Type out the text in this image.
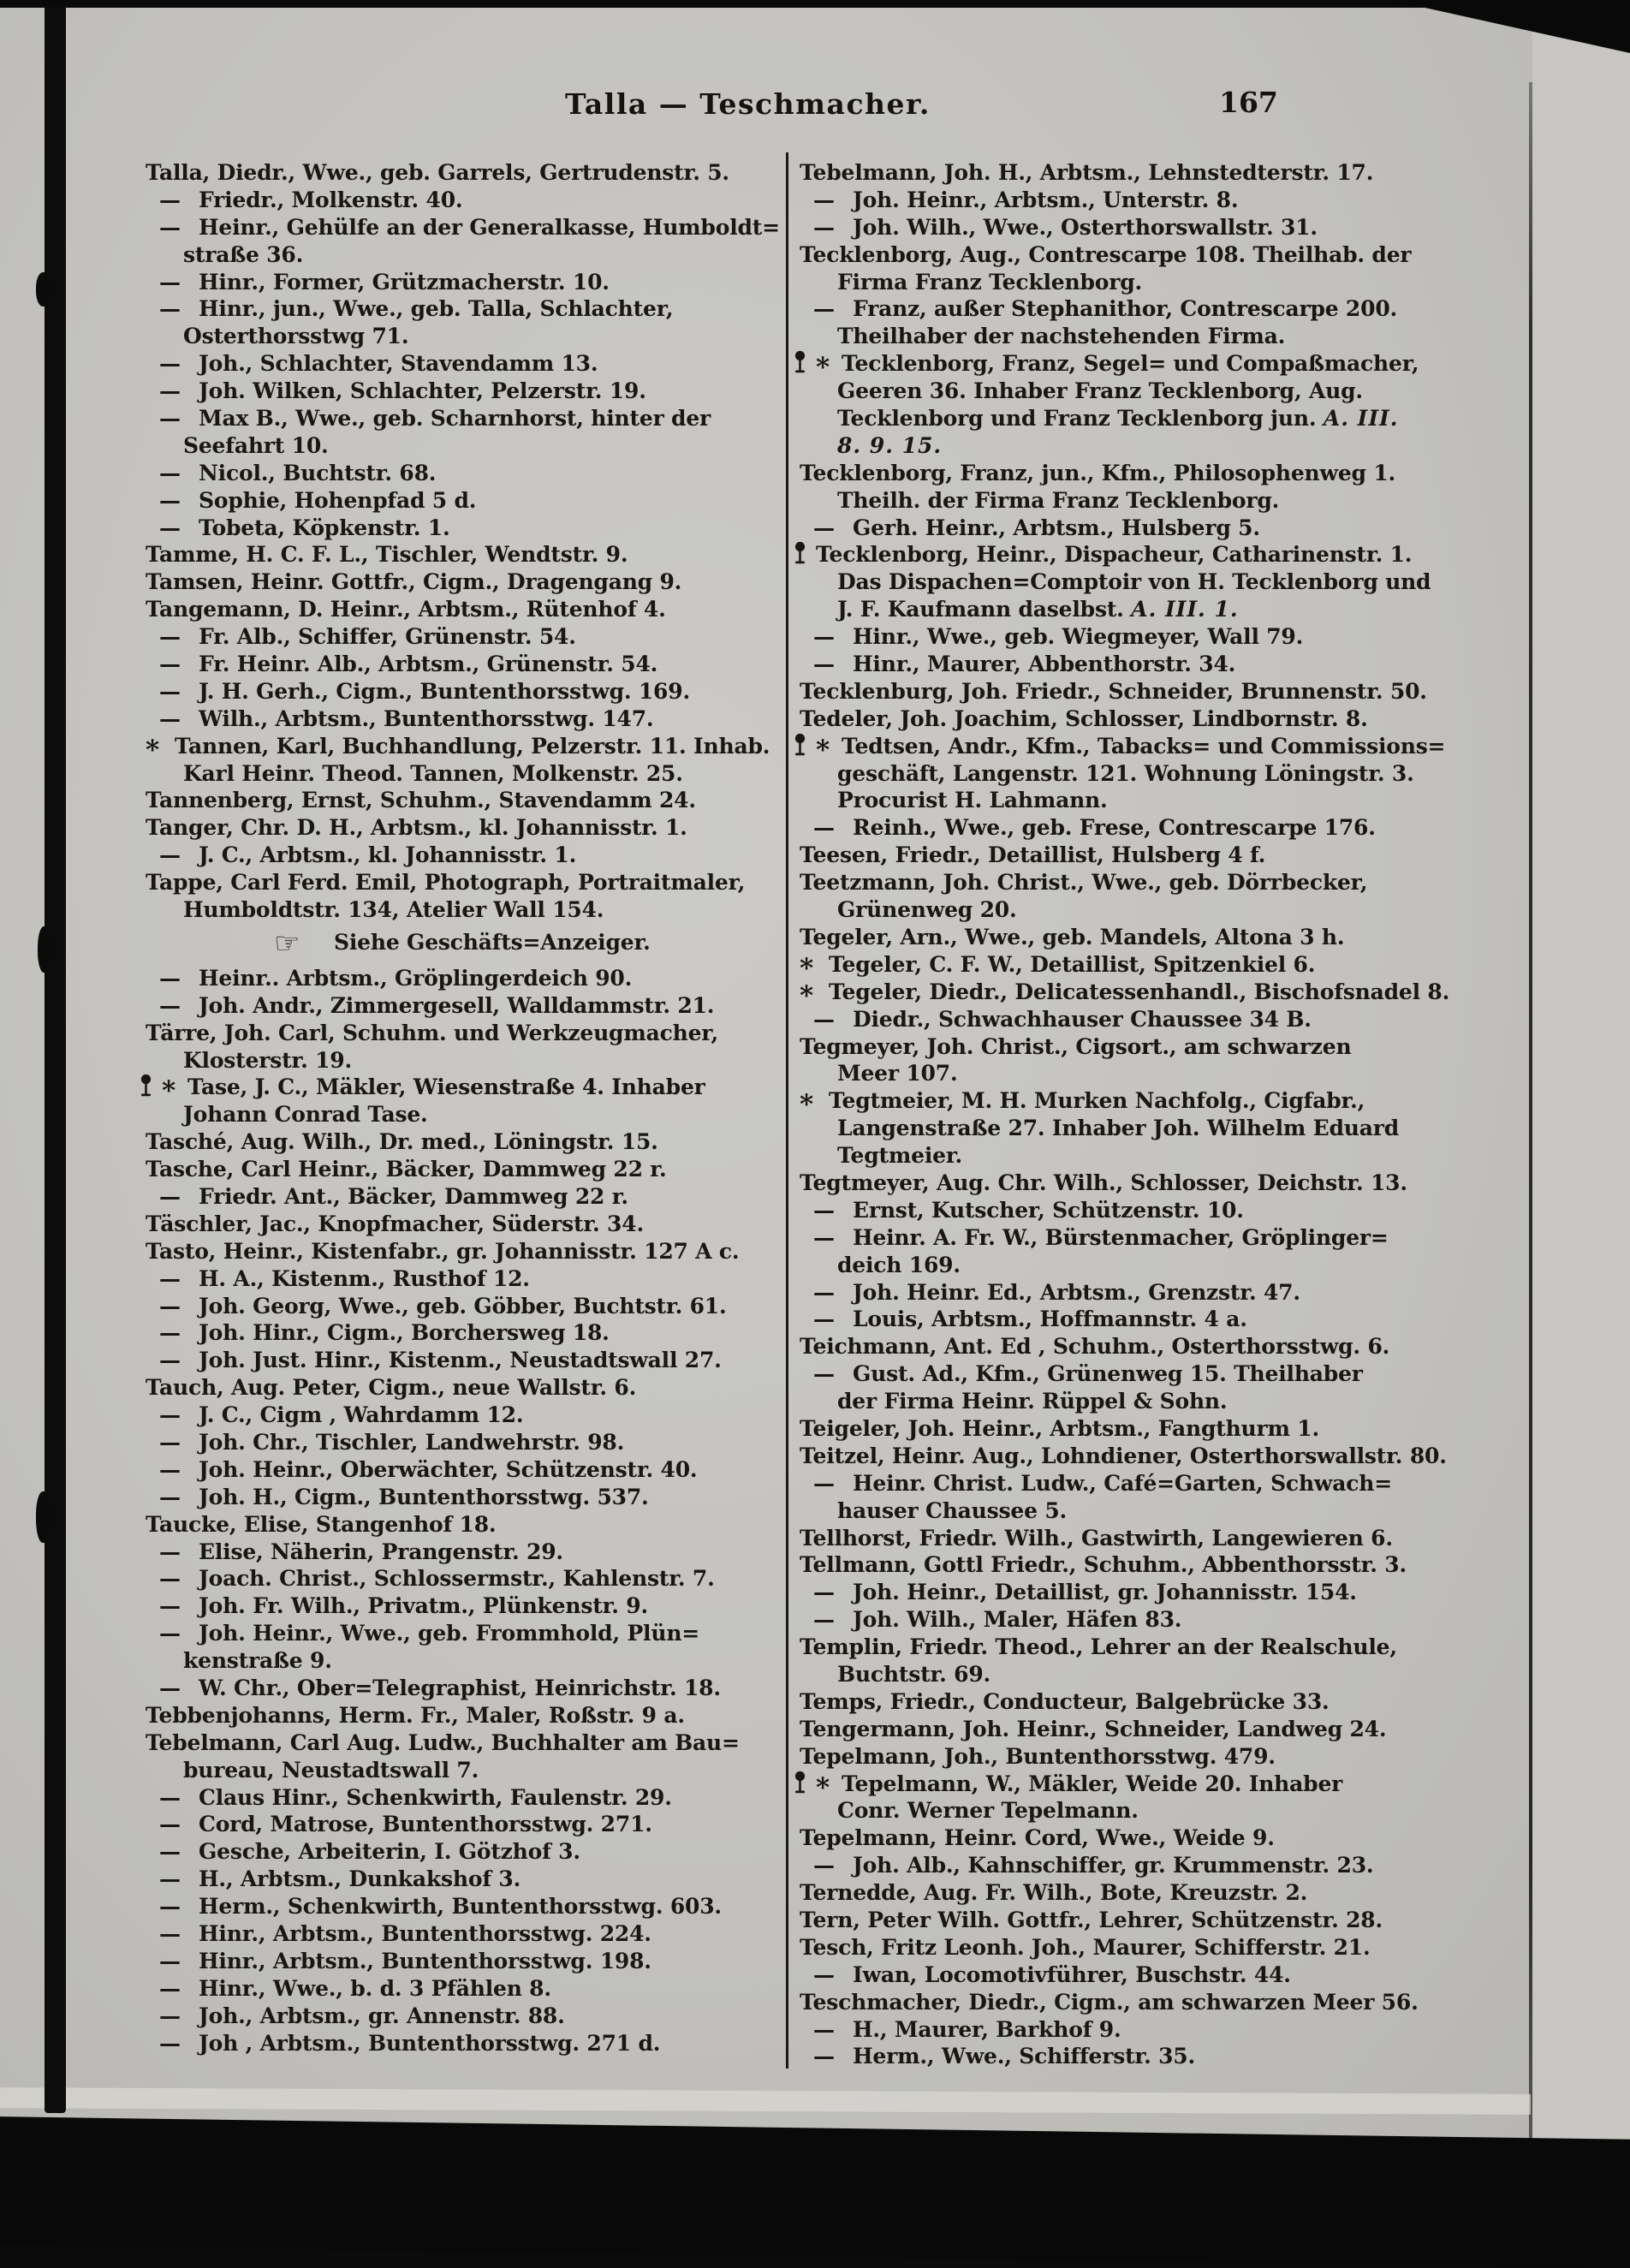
Talla — Teschmacher.	167
Talla, Diedr., Wwe., geb. Garrels, Gertrudenstr. 5.
— Friedr., Molkenstr. 40.
— Heinr., Gehülfe an der Generalkasse, Humboldt=
straße 36.
— Hinr., Former, Grützmacherstr. 10.
— Hinr., jun., Wwe., geb. Talla, Schlachter,
Osterthorsstwg 71.
— Joh., Schlachter, Stavendamm 13.
— Joh. Wilken, Schlachter, Pelzerstr. 19.
— Max B., Wwe., geb. Scharnhorst, hinter der
Seefahrt 10.
— Nicol., Buchtstr. 68.
— Sophie, Hohenpfad 5 d.
— Tobeta, Köpkenstr. 1.
Tamme, H. C. F. L., Tischler, Wendtstr. 9.
Tamsen, Heinr. Gottfr., Cigm., Dragengang 9.
Tangemann, D. Heinr., Arbtsm., Rütenhof 4.
— Fr. Alb., Schiffer, Grünenstr. 54.
— Fr. Heinr. Alb., Arbtsm., Grünenstr. 54.
— J. H. Gerh., Cigm., Buntenthorsstwg. 169.
— Wilh., Arbtsm., Buntenthorsstwg. 147.
* Tannen, Karl, Buchhandlung, Pelzerstr. 11. Inhab.
Karl Heinr. Theod. Tannen, Molkenstr. 25.
Tannenberg, Ernst, Schuhm., Stavendamm 24.
Tanger, Chr. D. H., Arbtsm., kl. Johannisstr. 1.
— J. C., Arbtsm., kl. Johannisstr. 1.
Tappe, Carl Ferd. Emil, Photograph, Portraitmaler,
Humboldtstr. 134, Atelier Wall 154.
☞ Siehe Geschäfts=Anzeiger.
— Heinr.. Arbtsm., Gröplingerdeich 90.
— Joh. Andr., Zimmergesell, Walldammstr. 21.
Tärre, Joh. Carl, Schuhm. und Werkzeugmacher,
Klosterstr. 19.
* Tase, J. C., Mäkler, Wiesenstraße 4. Inhaber
Johann Conrad Tase.
Tasché, Aug. Wilh., Dr. med., Löningstr. 15.
Tasche, Carl Heinr., Bäcker, Dammweg 22 r.
— Friedr. Ant., Bäcker, Dammweg 22 r.
Täschler, Jac., Knopfmacher, Süderstr. 34.
Tasto, Heinr., Kistenfabr., gr. Johannisstr. 127 A c.
— H. A., Kistenm., Rusthof 12.
— Joh. Georg, Wwe., geb. Göbber, Buchtstr. 61.
— Joh. Hinr., Cigm., Borchersweg 18.
— Joh. Just. Hinr., Kistenm., Neustadtswall 27.
Tauch, Aug. Peter, Cigm., neue Wallstr. 6.
— J. C., Cigm , Wahrdamm 12.
— Joh. Chr., Tischler, Landwehrstr. 98.
— Joh. Heinr., Oberwächter, Schützenstr. 40.
— Joh. H., Cigm., Buntenthorsstwg. 537.
Taucke, Elise, Stangenhof 18.
— Elise, Näherin, Prangenstr. 29.
— Joach. Christ., Schlossermstr., Kahlenstr. 7.
— Joh. Fr. Wilh., Privatm., Plünkenstr. 9.
— Joh. Heinr., Wwe., geb. Frommhold, Plün=
kenstraße 9.
— W. Chr., Ober=Telegraphist, Heinrichstr. 18.
Tebbenjohanns, Herm. Fr., Maler, Roßstr. 9 a.
Tebelmann, Carl Aug. Ludw., Buchhalter am Bau=
bureau, Neustadtswall 7.
— Claus Hinr., Schenkwirth, Faulenstr. 29.
— Cord, Matrose, Buntenthorsstwg. 271.
— Gesche, Arbeiterin, I. Götzhof 3.
— H., Arbtsm., Dunkakshof 3.
— Herm., Schenkwirth, Buntenthorsstwg. 603.
— Hinr., Arbtsm., Buntenthorsstwg. 224.
— Hinr., Arbtsm., Buntenthorsstwg. 198.
— Hinr., Wwe., b. d. 3 Pfählen 8.
— Joh., Arbtsm., gr. Annenstr. 88.
— Joh , Arbtsm., Buntenthorsstwg. 271 d.
Tebelmann, Joh. H., Arbtsm., Lehnstedterstr. 17.
— Joh. Heinr., Arbtsm., Unterstr. 8.
— Joh. Wilh., Wwe., Osterthorswallstr. 31.
Tecklenborg, Aug., Contrescarpe 108. Theilhab. der
Firma Franz Tecklenborg.
— Franz, außer Stephanithor, Contrescarpe 200.
Theilhaber der nachstehenden Firma.
* Tecklenborg, Franz, Segel= und Compaßmacher,
Geeren 36. Inhaber Franz Tecklenborg, Aug.
Tecklenborg und Franz Tecklenborg jun. A. III.
8. 9. 15.
Tecklenborg, Franz, jun., Kfm., Philosophenweg 1.
Theilh. der Firma Franz Tecklenborg.
— Gerh. Heinr., Arbtsm., Hulsberg 5.
Tecklenborg, Heinr., Dispacheur, Catharinenstr. 1.
Das Dispachen=Comptoir von H. Tecklenborg und
J. F. Kaufmann daselbst. A. III. 1.
— Hinr., Wwe., geb. Wiegmeyer, Wall 79.
— Hinr., Maurer, Abbenthorstr. 34.
Tecklenburg, Joh. Friedr., Schneider, Brunnenstr. 50.
Tedeler, Joh. Joachim, Schlosser, Lindbornstr. 8.
* Tedtsen, Andr., Kfm., Tabacks= und Commissions=
geschäft, Langenstr. 121. Wohnung Löningstr. 3.
Procurist H. Lahmann.
— Reinh., Wwe., geb. Frese, Contrescarpe 176.
Teesen, Friedr., Detaillist, Hulsberg 4 f.
Teetzmann, Joh. Christ., Wwe., geb. Dörrbecker,
Grünenweg 20.
Tegeler, Arn., Wwe., geb. Mandels, Altona 3 h.
* Tegeler, C. F. W., Detaillist, Spitzenkiel 6.
* Tegeler, Diedr., Delicatessenhandl., Bischofsnadel 8.
— Diedr., Schwachhauser Chaussee 34 B.
Tegmeyer, Joh. Christ., Cigsort., am schwarzen
Meer 107.
* Tegtmeier, M. H. Murken Nachfolg., Cigfabr.,
Langenstraße 27. Inhaber Joh. Wilhelm Eduard
Tegtmeier.
Tegtmeyer, Aug. Chr. Wilh., Schlosser, Deichstr. 13.
— Ernst, Kutscher, Schützenstr. 10.
— Heinr. A. Fr. W., Bürstenmacher, Gröplinger=
deich 169.
— Joh. Heinr. Ed., Arbtsm., Grenzstr. 47.
— Louis, Arbtsm., Hoffmannstr. 4 a.
Teichmann, Ant. Ed , Schuhm., Osterthorsstwg. 6.
— Gust. Ad., Kfm., Grünenweg 15. Theilhaber
der Firma Heinr. Rüppel & Sohn.
Teigeler, Joh. Heinr., Arbtsm., Fangthurm 1.
Teitzel, Heinr. Aug., Lohndiener, Osterthorswallstr. 80.
— Heinr. Christ. Ludw., Café=Garten, Schwach=
hauser Chaussee 5.
Tellhorst, Friedr. Wilh., Gastwirth, Langewieren 6.
Tellmann, Gottl Friedr., Schuhm., Abbenthorsstr. 3.
— Joh. Heinr., Detaillist, gr. Johannisstr. 154.
— Joh. Wilh., Maler, Häfen 83.
Templin, Friedr. Theod., Lehrer an der Realschule,
Buchtstr. 69.
Temps, Friedr., Conducteur, Balgebrücke 33.
Tengermann, Joh. Heinr., Schneider, Landweg 24.
Tepelmann, Joh., Buntenthorsstwg. 479.
* Tepelmann, W., Mäkler, Weide 20. Inhaber
Conr. Werner Tepelmann.
Tepelmann, Heinr. Cord, Wwe., Weide 9.
— Joh. Alb., Kahnschiffer, gr. Krummenstr. 23.
Ternedde, Aug. Fr. Wilh., Bote, Kreuzstr. 2.
Tern, Peter Wilh. Gottfr., Lehrer, Schützenstr. 28.
Tesch, Fritz Leonh. Joh., Maurer, Schifferstr. 21.
— Iwan, Locomotivführer, Buschstr. 44.
Teschmacher, Diedr., Cigm., am schwarzen Meer 56.
— H., Maurer, Barkhof 9.
— Herm., Wwe., Schifferstr. 35.
